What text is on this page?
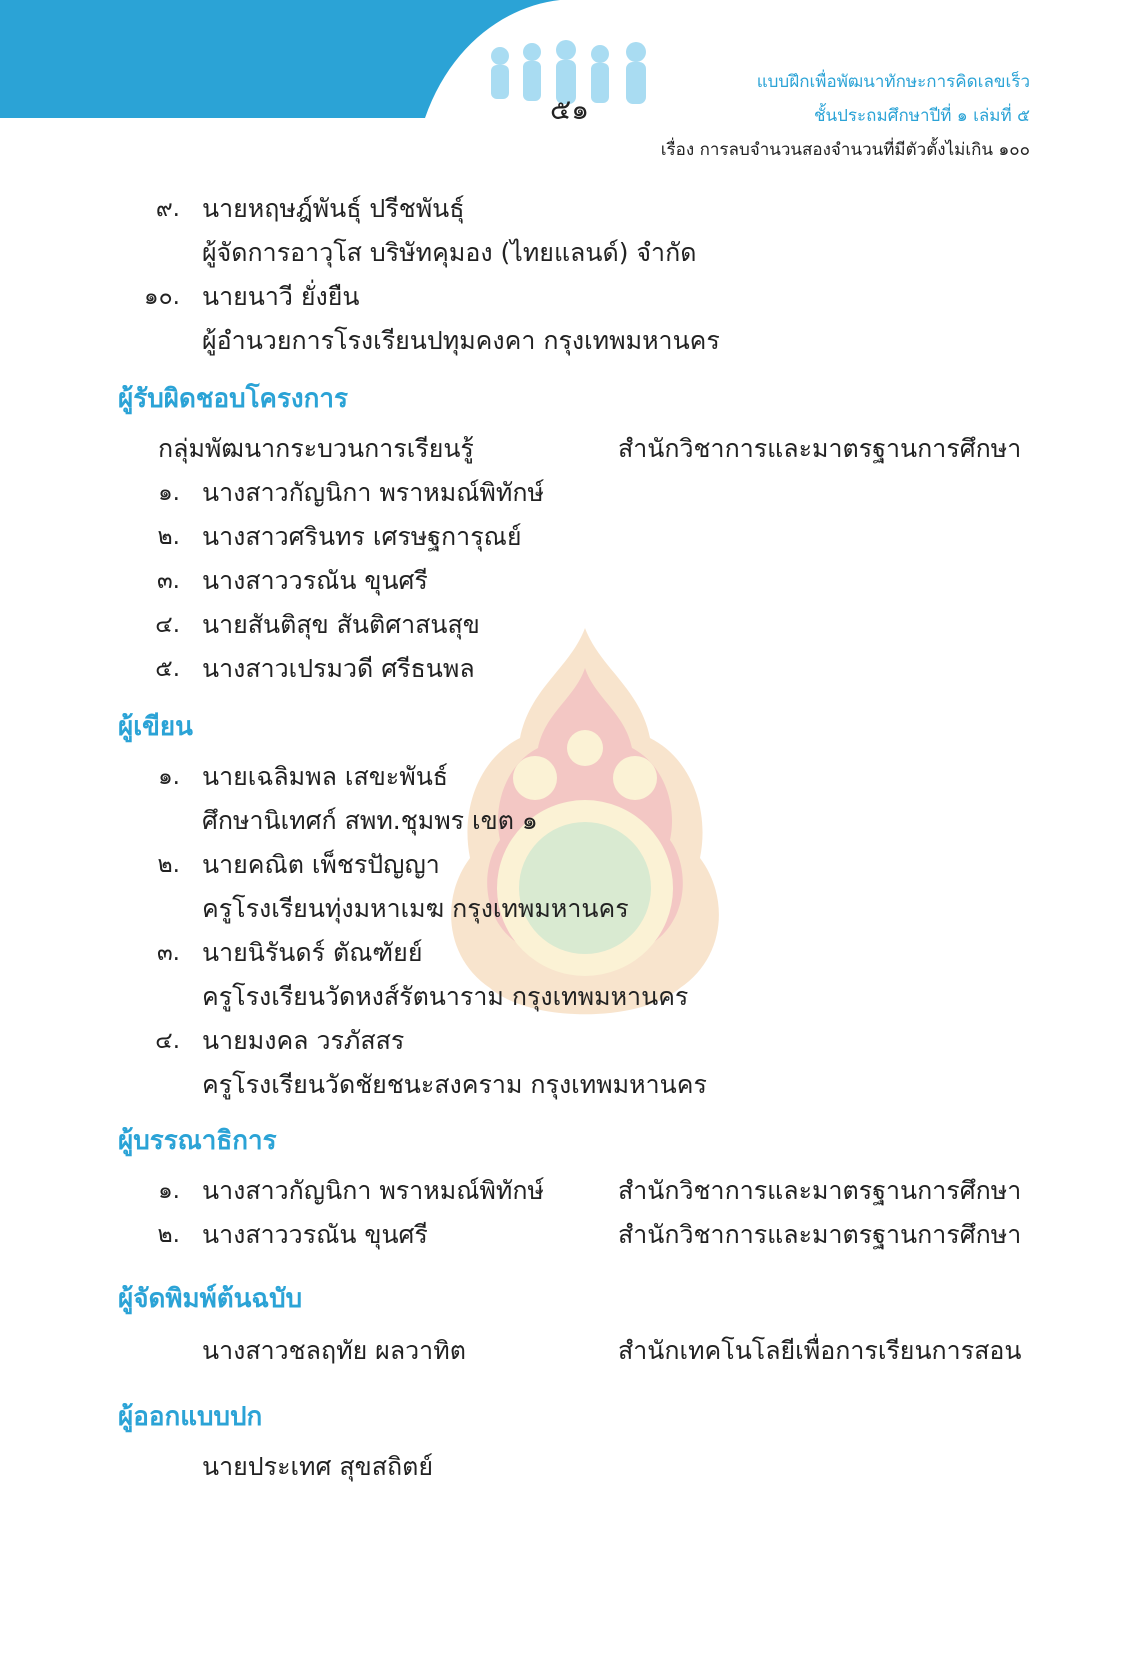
๕๑
แบบฝึกเพื่อพัฒนาทักษะการคิดเลขเร็ว
ชั้นประถมศึกษาปีที่ ๑ เล่มที่ ๕
เรื่อง การลบจำนวนสองจำนวนที่มีตัวตั้งไม่เกิน ๑๐๐
๙. นายหฤษฎ์พันธุ์ ปรีชพันธุ์
ผู้จัดการอาวุโส บริษัทคุมอง (ไทยแลนด์) จำกัด
๑๐. นายนาวี ยั่งยืน
ผู้อำนวยการโรงเรียนปทุมคงคา กรุงเทพมหานคร
ผู้รับผิดชอบโครงการ
กลุ่มพัฒนากระบวนการเรียนรู้	สำนักวิชาการและมาตรฐานการศึกษา
๑. นางสาวกัญนิกา พราหมณ์พิทักษ์
๒. นางสาวศรินทร เศรษฐการุณย์
๓. นางสาววรณัน ขุนศรี
๔. นายสันติสุข สันติศาสนสุข
๕. นางสาวเปรมวดี ศรีธนพล
ผู้เขียน
๑. นายเฉลิมพล เสขะพันธ์
ศึกษานิเทศก์ สพท.ชุมพร เขต ๑
๒. นายคณิต เพ็ชรปัญญา
ครูโรงเรียนทุ่งมหาเมฆ กรุงเทพมหานคร
๓. นายนิรันดร์ ตัณฑัยย์
ครูโรงเรียนวัดหงส์รัตนาราม กรุงเทพมหานคร
๔. นายมงคล วรภัสสร
ครูโรงเรียนวัดชัยชนะสงคราม กรุงเทพมหานคร
ผู้บรรณาธิการ
๑. นางสาวกัญนิกา พราหมณ์พิทักษ์	สำนักวิชาการและมาตรฐานการศึกษา
๒. นางสาววรณัน ขุนศรี	สำนักวิชาการและมาตรฐานการศึกษา
ผู้จัดพิมพ์ต้นฉบับ
นางสาวชลฤทัย ผลวาทิต	สำนักเทคโนโลยีเพื่อการเรียนการสอน
ผู้ออกแบบปก
นายประเทศ สุขสถิตย์
